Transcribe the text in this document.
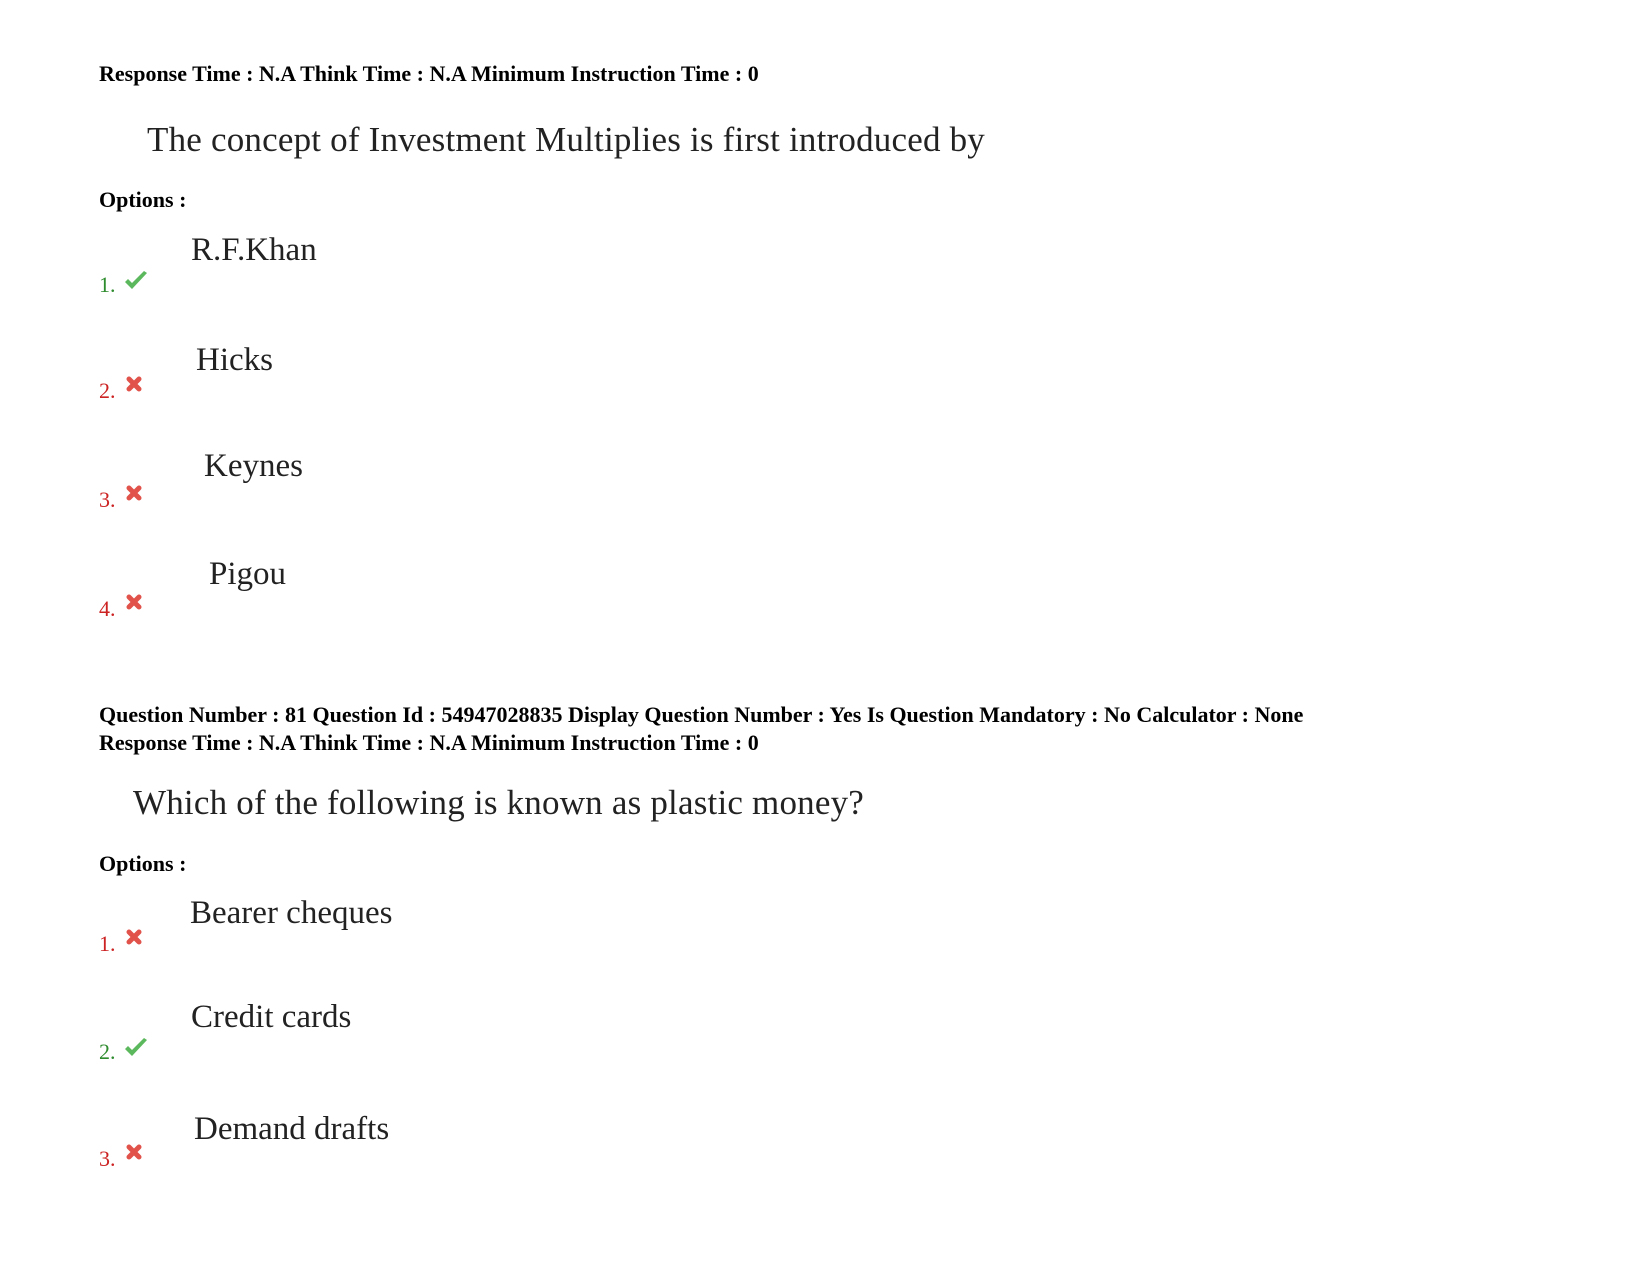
Response Time : N.A Think Time : N.A Minimum Instruction Time : 0
The concept of Investment Multiplies is first introduced by
Options :
1.
R.F.Khan
2.
Hicks
3.
Keynes
4.
Pigou
Question Number : 81 Question Id : 54947028835 Display Question Number : Yes Is Question Mandatory : No Calculator : None
Response Time : N.A Think Time : N.A Minimum Instruction Time : 0
Which of the following is known as plastic money?
Options :
1.
Bearer cheques
2.
Credit cards
3.
Demand drafts
